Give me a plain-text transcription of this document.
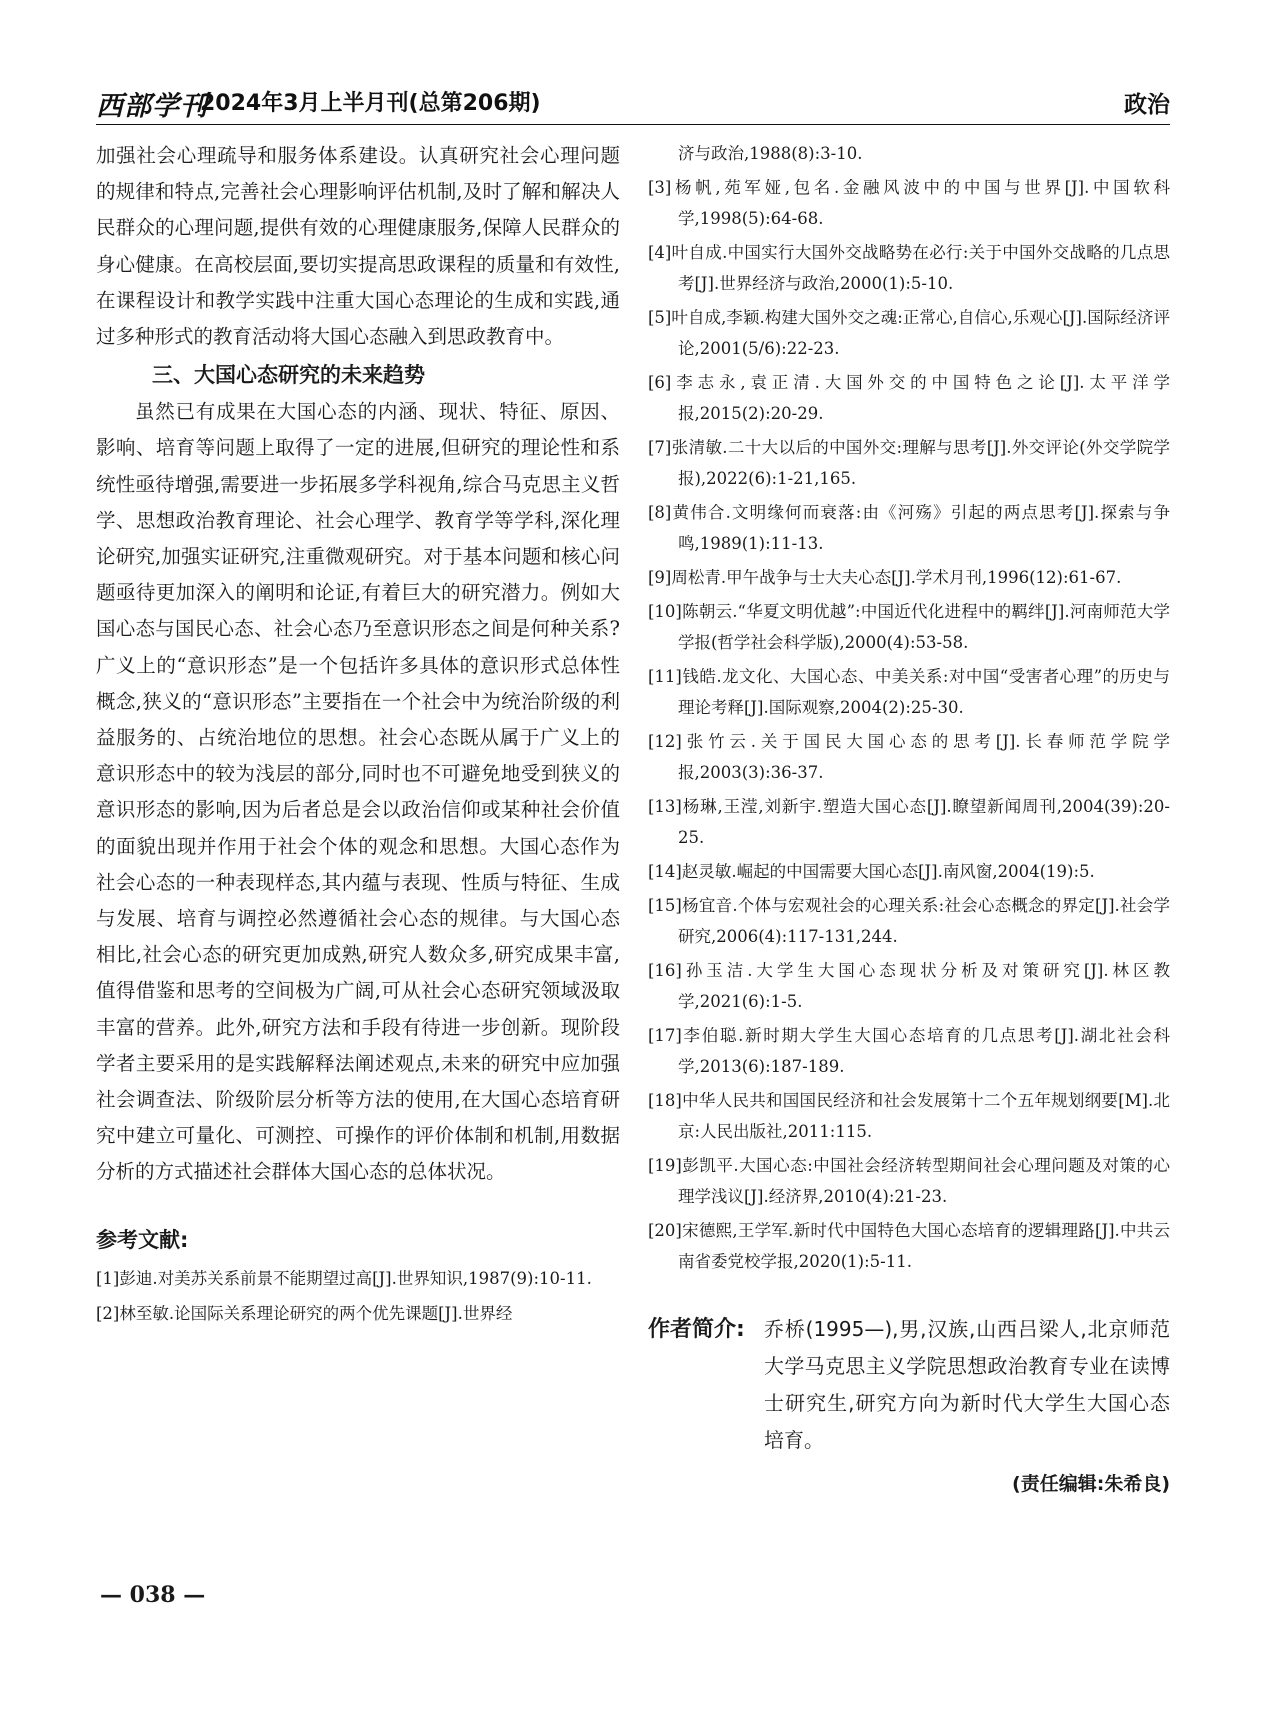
西部学刊
2024年3月上半月刊(总第206期)	政治

加强社会心理疏导和服务体系建设。认真研究社会心理问题的规律和特点,完善社会心理影响评估机制,及时了解和解决人民群众的心理问题,提供有效的心理健康服务,保障人民群众的身心健康。在高校层面,要切实提高思政课程的质量和有效性,在课程设计和教学实践中注重大国心态理论的生成和实践,通过多种形式的教育活动将大国心态融入到思政教育中。

三、大国心态研究的未来趋势

虽然已有成果在大国心态的内涵、现状、特征、原因、影响、培育等问题上取得了一定的进展,但研究的理论性和系统性亟待增强,需要进一步拓展多学科视角,综合马克思主义哲学、思想政治教育理论、社会心理学、教育学等学科,深化理论研究,加强实证研究,注重微观研究。对于基本问题和核心问题亟待更加深入的阐明和论证,有着巨大的研究潜力。例如大国心态与国民心态、社会心态乃至意识形态之间是何种关系?广义上的“意识形态”是一个包括许多具体的意识形式总体性概念,狭义的“意识形态”主要指在一个社会中为统治阶级的利益服务的、占统治地位的思想。社会心态既从属于广义上的意识形态中的较为浅层的部分,同时也不可避免地受到狭义的意识形态的影响,因为后者总是会以政治信仰或某种社会价值的面貌出现并作用于社会个体的观念和思想。大国心态作为社会心态的一种表现样态,其内蕴与表现、性质与特征、生成与发展、培育与调控必然遵循社会心态的规律。与大国心态相比,社会心态的研究更加成熟,研究人数众多,研究成果丰富,值得借鉴和思考的空间极为广阔,可从社会心态研究领域汲取丰富的营养。此外,研究方法和手段有待进一步创新。现阶段学者主要采用的是实践解释法阐述观点,未来的研究中应加强社会调查法、阶级阶层分析等方法的使用,在大国心态培育研究中建立可量化、可测控、可操作的评价体制和机制,用数据分析的方式描述社会群体大国心态的总体状况。

参考文献:

[1]彭迪.对美苏关系前景不能期望过高[J].世界知识,1987(9):10-11.

[2]林至敏.论国际关系理论研究的两个优先课题[J].世界经

济与政治,1988(8):3-10.

[3]杨帆,苑军娅,包名.金融风波中的中国与世界[J].中国软科学,1998(5):64-68.

[4]叶自成.中国实行大国外交战略势在必行:关于中国外交战略的几点思考[J].世界经济与政治,2000(1):5-10.

[5]叶自成,李颖.构建大国外交之魂:正常心,自信心,乐观心[J].国际经济评论,2001(5/6):22-23.

[6]李志永,袁正清.大国外交的中国特色之论[J].太平洋学报,2015(2):20-29.

[7]张清敏.二十大以后的中国外交:理解与思考[J].外交评论(外交学院学报),2022(6):1-21,165.

[8]黄伟合.文明缘何而衰落:由《河殇》引起的两点思考[J].探索与争鸣,1989(1):11-13.

[9]周松青.甲午战争与士大夫心态[J].学术月刊,1996(12):61-67.

[10]陈朝云.“华夏文明优越”:中国近代化进程中的羁绊[J].河南师范大学学报(哲学社会科学版),2000(4):53-58.

[11]钱皓.龙文化、大国心态、中美关系:对中国“受害者心理”的历史与理论考释[J].国际观察,2004(2):25-30.

[12]张竹云.关于国民大国心态的思考[J].长春师范学院学报,2003(3):36-37.

[13]杨琳,王滢,刘新宇.塑造大国心态[J].瞭望新闻周刊,2004(39):20-25.

[14]赵灵敏.崛起的中国需要大国心态[J].南风窗,2004(19):5.

[15]杨宜音.个体与宏观社会的心理关系:社会心态概念的界定[J].社会学研究,2006(4):117-131,244.

[16]孙玉洁.大学生大国心态现状分析及对策研究[J].林区教学,2021(6):1-5.

[17]李伯聪.新时期大学生大国心态培育的几点思考[J].湖北社会科学,2013(6):187-189.

[18]中华人民共和国国民经济和社会发展第十二个五年规划纲要[M].北京:人民出版社,2011:115.

[19]彭凯平.大国心态:中国社会经济转型期间社会心理问题及对策的心理学浅议[J].经济界,2010(4):21-23.

[20]宋德熙,王学军.新时代中国特色大国心态培育的逻辑理路[J].中共云南省委党校学报,2020(1):5-11.

作者简介: 乔桥(1995—),男,汉族,山西吕梁人,北京师范大学马克思主义学院思想政治教育专业在读博士研究生,研究方向为新时代大学生大国心态培育。
(责任编辑:朱希良)
— 038 —
